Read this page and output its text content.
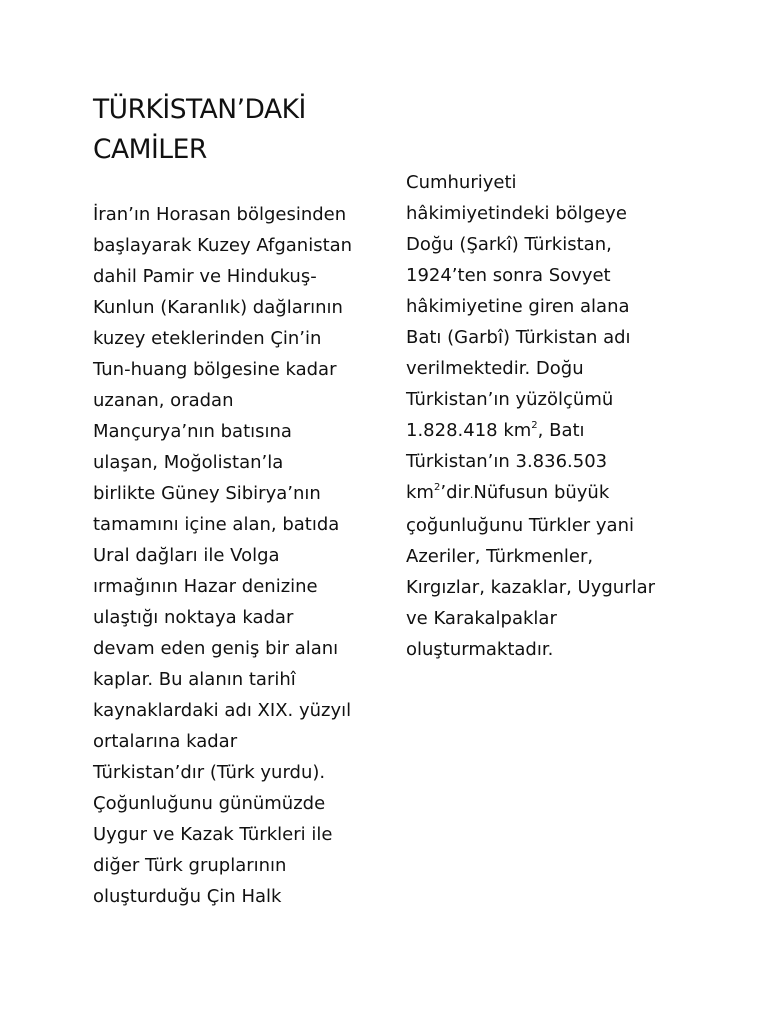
TÜRKİSTAN’DAKİ
CAMİLER
İran’ın Horasan bölgesinden
başlayarak Kuzey Afganistan
dahil Pamir ve Hindukuş-
Kunlun (Karanlık) dağlarının
kuzey eteklerinden Çin’in
Tun-huang bölgesine kadar
uzanan, oradan
Mançurya’nın batısına
ulaşan, Moğolistan’la
birlikte Güney Sibirya’nın
tamamını içine alan, batıda
Ural dağları ile Volga
ırmağının Hazar denizine
ulaştığı noktaya kadar
devam eden geniş bir alanı
kaplar. Bu alanın tarihî
kaynaklardaki adı XIX. yüzyıl
ortalarına kadar
Türkistan’dır (Türk yurdu).
Çoğunluğunu günümüzde
Uygur ve Kazak Türkleri ile
diğer Türk gruplarının
oluşturduğu Çin Halk
Cumhuriyeti
hâkimiyetindeki bölgeye
Doğu (Şarkî) Türkistan,
1924’ten sonra Sovyet
hâkimiyetine giren alana
Batı (Garbî) Türkistan adı
verilmektedir. Doğu
Türkistan’ın yüzölçümü
1.828.418 $km^2$, Batı
Türkistan’ın 3.836.503
$km^2’dir.Nüfusun$ büyük
çoğunluğunu Türkler yani
Azeriler, Türkmenler,
Kırgızlar, kazaklar, Uygurlar
ve Karakalpaklar
oluşturmaktadır.
